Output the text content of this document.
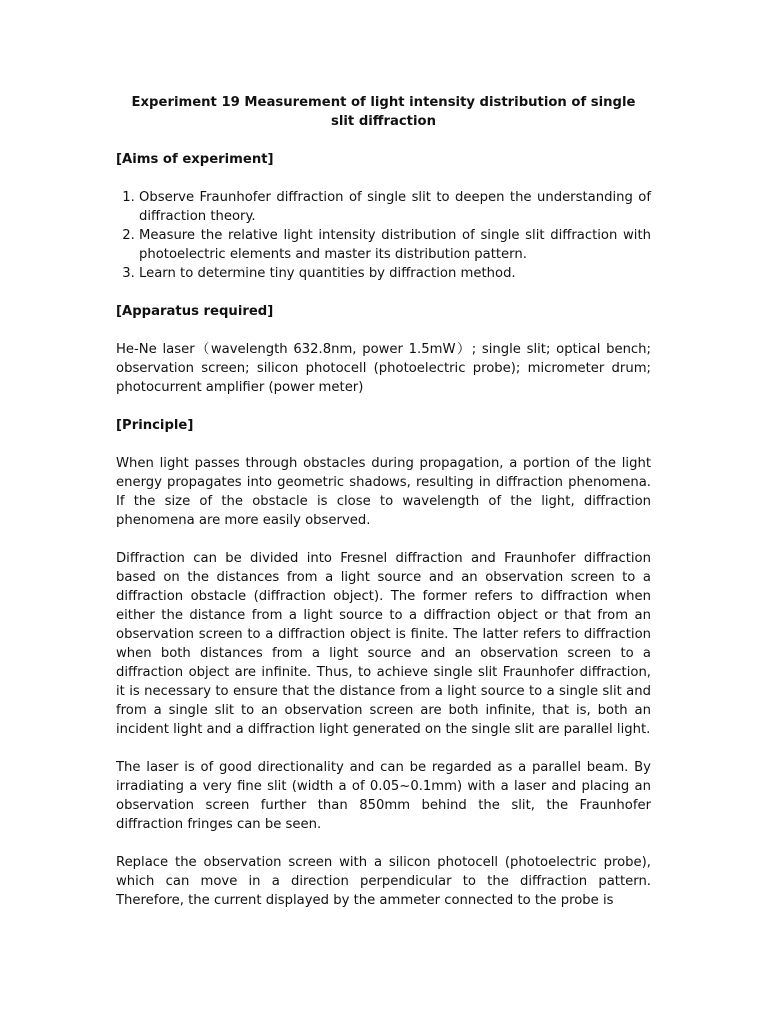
Experiment 19 Measurement of light intensity distribution of single slit diffraction
[Aims of experiment]
1. Observe Fraunhofer diffraction of single slit to deepen the understanding of diffraction theory.
2. Measure the relative light intensity distribution of single slit diffraction with photoelectric elements and master its distribution pattern.
3. Learn to determine tiny quantities by diffraction method.
[Apparatus required]
He-Ne laser（wavelength 632.8nm, power 1.5mW）; single slit; optical bench; observation screen; silicon photocell (photoelectric probe); micrometer drum; photocurrent amplifier (power meter)
[Principle]
When light passes through obstacles during propagation, a portion of the light energy propagates into geometric shadows, resulting in diffraction phenomena. If the size of the obstacle is close to wavelength of the light, diffraction phenomena are more easily observed.
Diffraction can be divided into Fresnel diffraction and Fraunhofer diffraction based on the distances from a light source and an observation screen to a diffraction obstacle (diffraction object). The former refers to diffraction when either the distance from a light source to a diffraction object or that from an observation screen to a diffraction object is finite. The latter refers to diffraction when both distances from a light source and an observation screen to a diffraction object are infinite. Thus, to achieve single slit Fraunhofer diffraction, it is necessary to ensure that the distance from a light source to a single slit and from a single slit to an observation screen are both infinite, that is, both an incident light and a diffraction light generated on the single slit are parallel light.
The laser is of good directionality and can be regarded as a parallel beam. By irradiating a very fine slit (width a of 0.05~0.1mm) with a laser and placing an observation screen further than 850mm behind the slit, the Fraunhofer diffraction fringes can be seen.
Replace the observation screen with a silicon photocell (photoelectric probe), which can move in a direction perpendicular to the diffraction pattern. Therefore, the current displayed by the ammeter connected to the probe is
